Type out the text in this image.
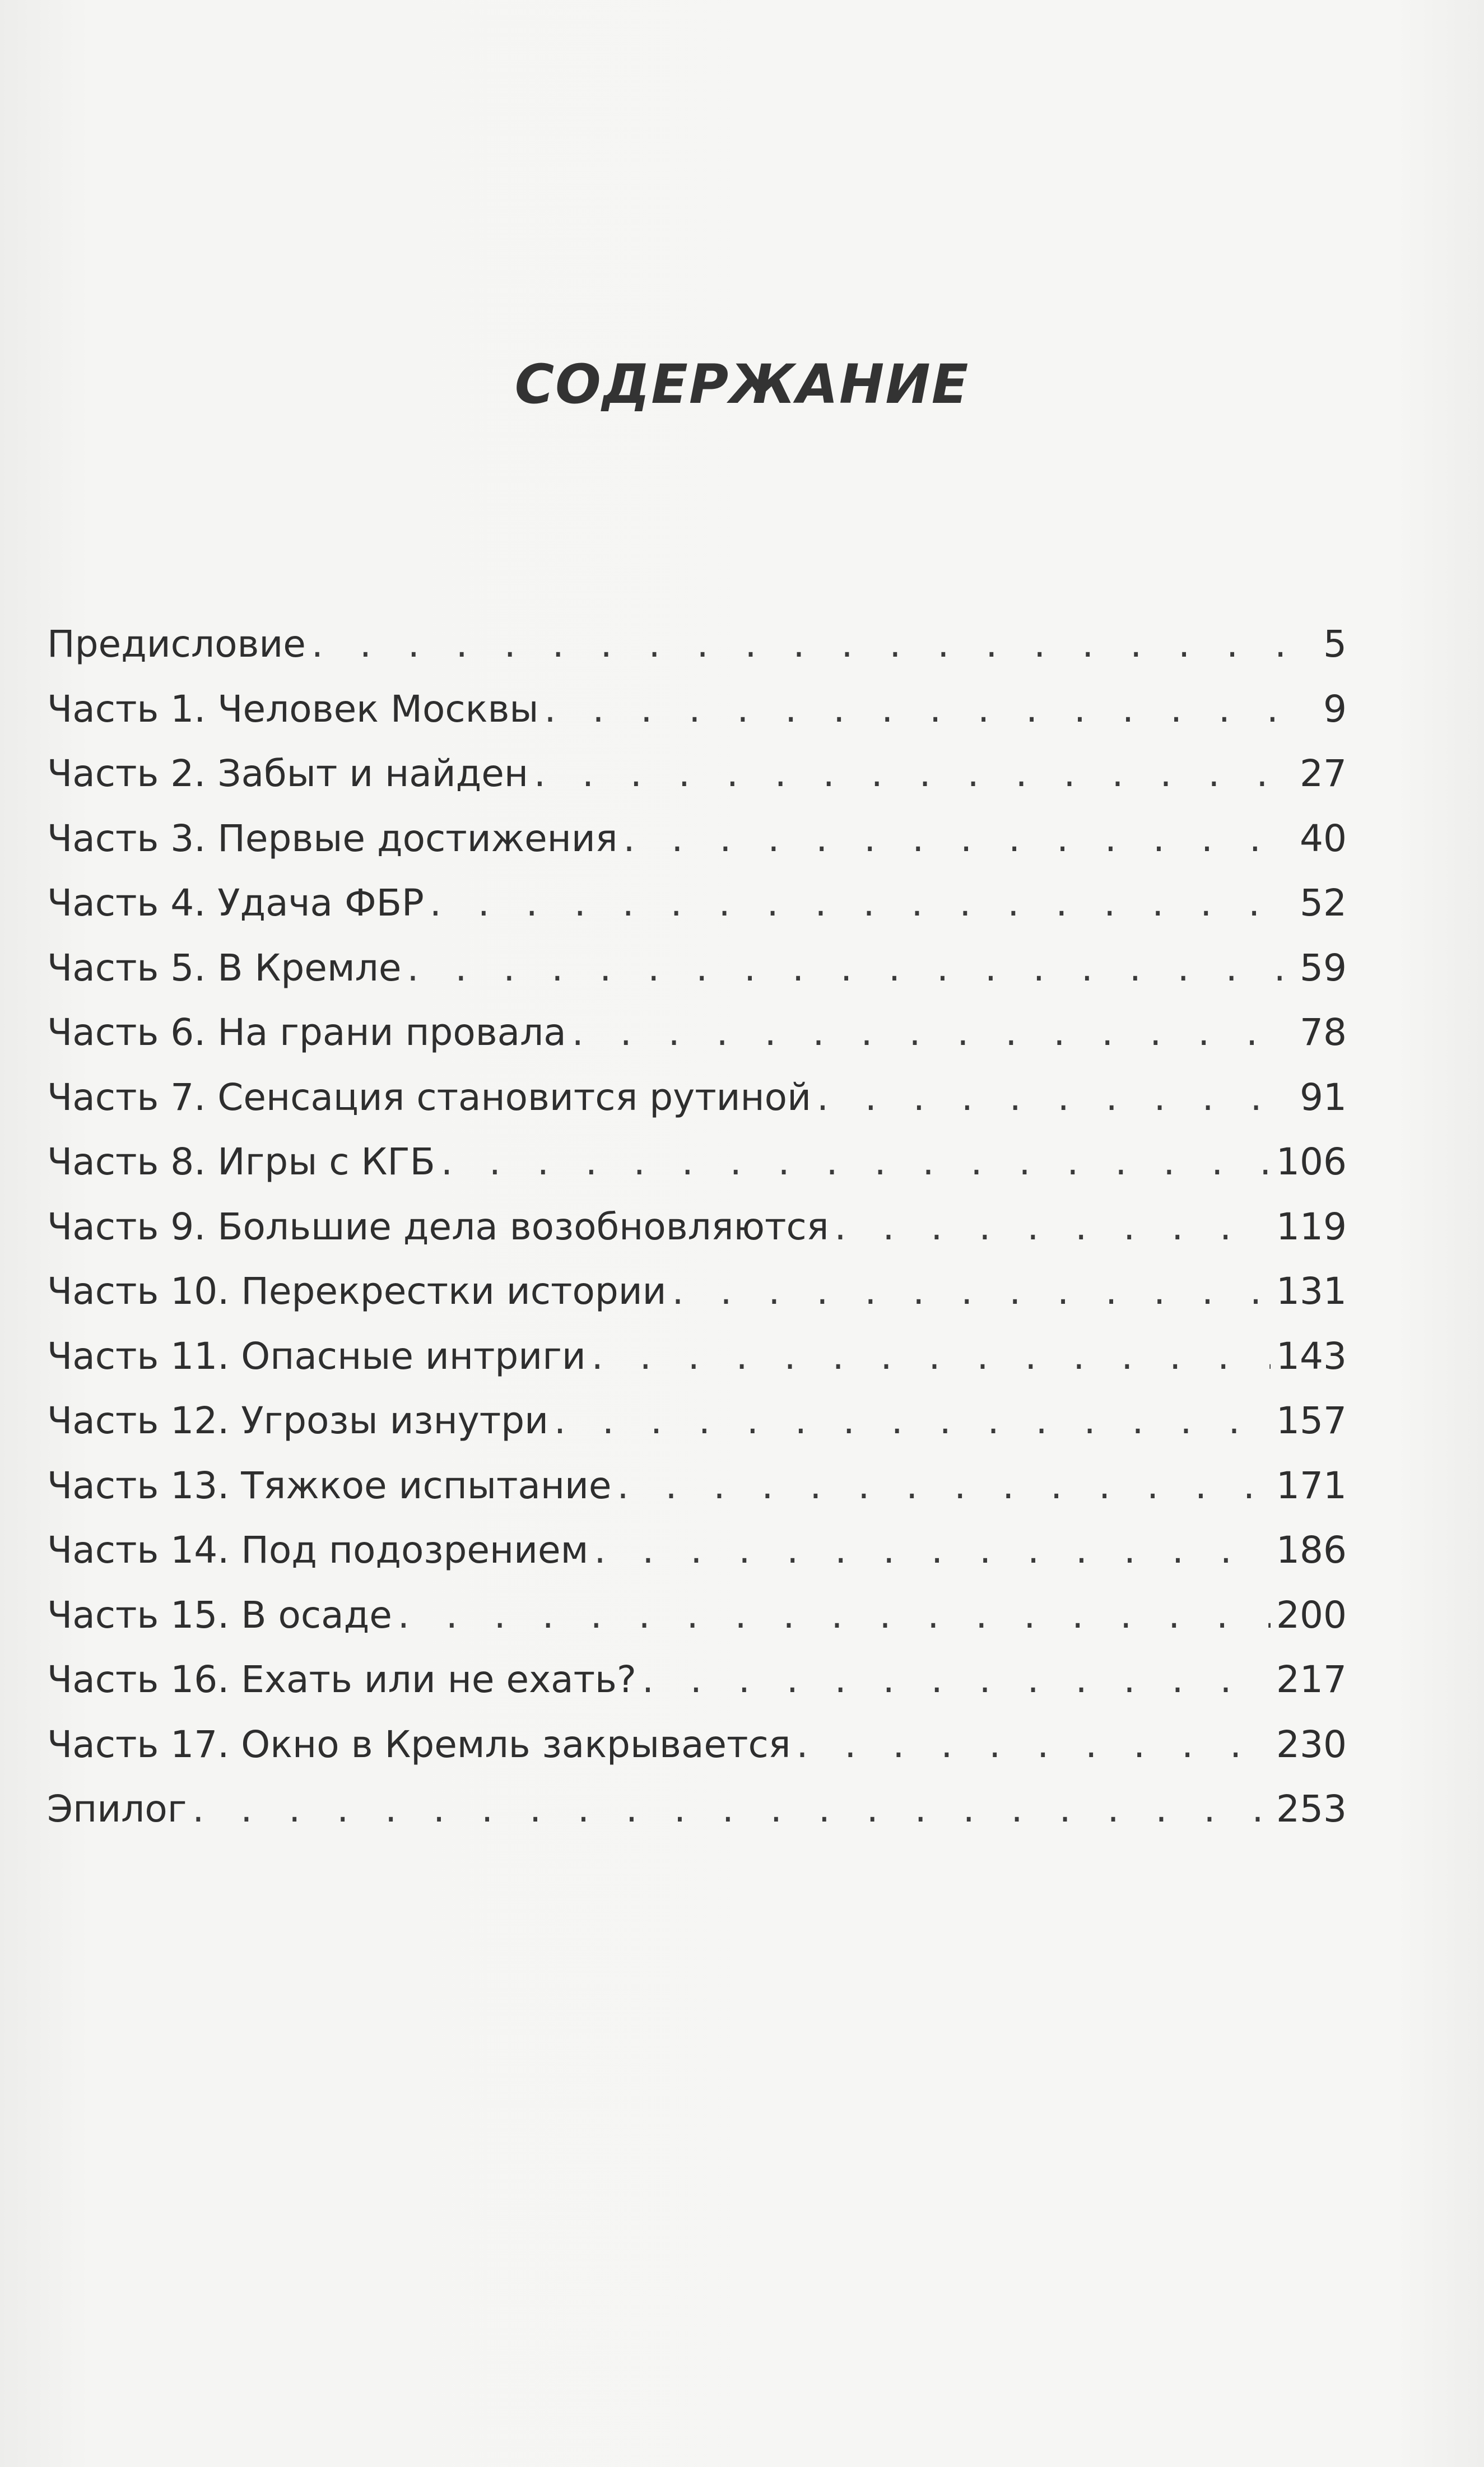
СОДЕРЖАНИЕ
Предисловие . . .	5
Часть 1. Человек Москвы . . .	9
Часть 2. Забыт и найден . . .	27
Часть 3. Первые достижения . . .	40
Часть 4. Удача ФБР . . .	52
Часть 5. В Кремле . . .	59
Часть 6. На грани провала . . .	78
Часть 7. Сенсация становится рутиной . . .	91
Часть 8. Игры с КГБ . . .	106
Часть 9. Большие дела возобновляются . . .	119
Часть 10. Перекрестки истории . . .	131
Часть 11. Опасные интриги . . .	143
Часть 12. Угрозы изнутри . . .	157
Часть 13. Тяжкое испытание . . .	171
Часть 14. Под подозрением . . .	186
Часть 15. В осаде . . .	200
Часть 16. Ехать или не ехать? . . .	217
Часть 17. Окно в Кремль закрывается . . .	230
Эпилог . . .	253
